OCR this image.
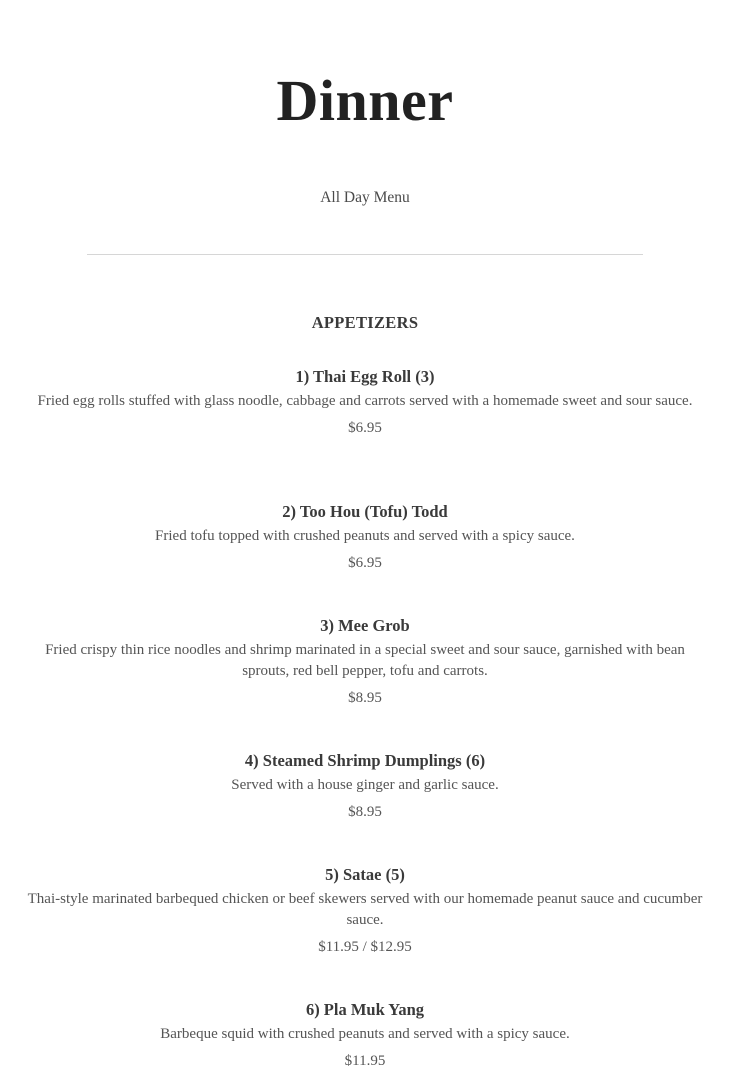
Dinner
All Day Menu
APPETIZERS

1) Thai Egg Roll (3)

Fried egg rolls stuffed with glass noodle, cabbage and carrots served with a homemade sweet and sour sauce.

$6.95

2) Too Hou (Tofu) Todd

Fried tofu topped with crushed peanuts and served with a spicy sauce.

$6.95

3) Mee Grob

Fried crispy thin rice noodles and shrimp marinated in a special sweet and sour sauce, garnished with bean sprouts, red bell pepper, tofu and carrots.

$8.95

4) Steamed Shrimp Dumplings (6)

Served with a house ginger and garlic sauce.

$8.95

5) Satae (5)

Thai-style marinated barbequed chicken or beef skewers served with our homemade peanut sauce and cucumber sauce.

$11.95 / $12.95

6) Pla Muk Yang

Barbeque squid with crushed peanuts and served with a spicy sauce.

$11.95
